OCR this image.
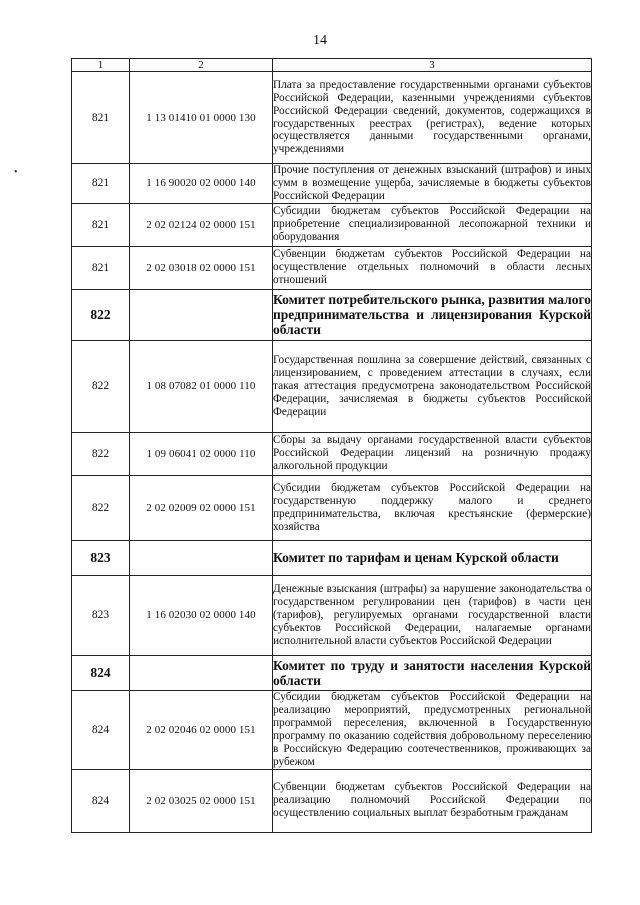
14
•
1	2	3
821	1 13 01410 01 0000 130	Плата за предоставление государственными органами субъектов Российской Федерации, казенными учреждениями субъектов Российской Федерации сведений, документов, содержащихся в государственных реестрах (регистрах), ведение которых осуществляется данными государственными органами, учреждениями
821	1 16 90020 02 0000 140	Прочие поступления от денежных взысканий (штрафов) и иных сумм в возмещение ущерба, зачисляемые в бюджеты субъектов Российской Федерации
821	2 02 02124 02 0000 151	Субсидии бюджетам субъектов Российской Федерации на приобретение специализированной лесопожарной техники и оборудования
821	2 02 03018 02 0000 151	Субвенции бюджетам субъектов Российской Федерации на осуществление отдельных полномочий в области лесных отношений
822		Комитет потребительского рынка, развития малого предпринимательства и лицензирования Курской области
822	1 08 07082 01 0000 110	Государственная пошлина за совершение действий, связанных с лицензированием, с проведением аттестации в случаях, если такая аттестация предусмотрена законодательством Российской Федерации, зачисляемая в бюджеты субъектов Российской Федерации
822	1 09 06041 02 0000 110	Сборы за выдачу органами государственной власти субъектов Российской Федерации лицензий на розничную продажу алкогольной продукции
822	2 02 02009 02 0000 151	Субсидии бюджетам субъектов Российской Федерации на государственную поддержку малого и среднего предпринимательства, включая крестьянские (фермерские) хозяйства
823		Комитет по тарифам и ценам Курской области
823	1 16 02030 02 0000 140	Денежные взыскания (штрафы) за нарушение законодательства о государственном регулировании цен (тарифов) в части цен (тарифов), регулируемых органами государственной власти субъектов Российской Федерации, налагаемые органами исполнительной власти субъектов Российской Федерации
824		Комитет по труду и занятости населения Курской области
824	2 02 02046 02 0000 151	Субсидии бюджетам субъектов Российской Федерации на реализацию мероприятий, предусмотренных региональной программой переселения, включенной в Государственную программу по оказанию содействия добровольному переселению в Российскую Федерацию соотечественников, проживающих за рубежом
824	2 02 03025 02 0000 151	Субвенции бюджетам субъектов Российской Федерации на реализацию полномочий Российской Федерации по осуществлению социальных выплат безработным гражданам
